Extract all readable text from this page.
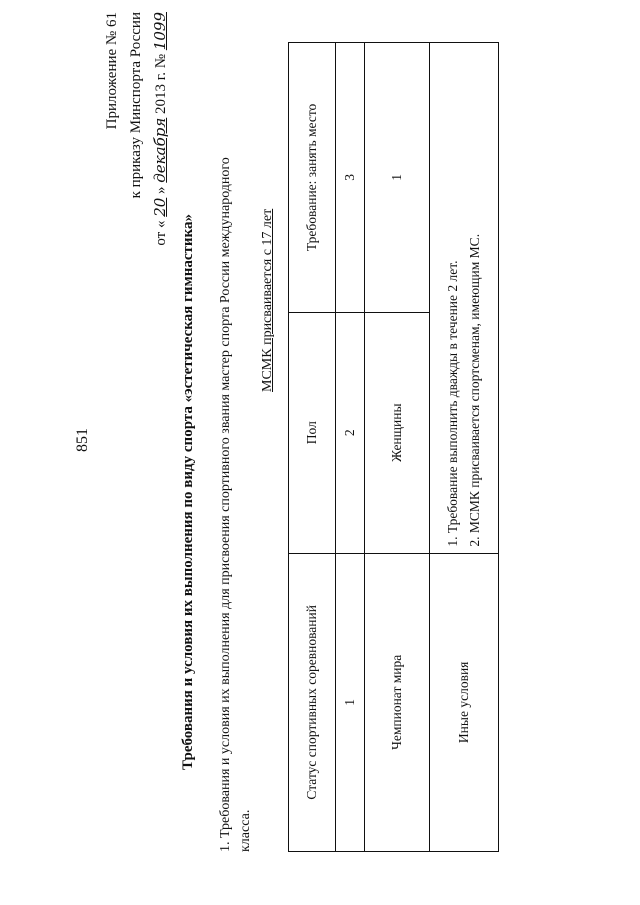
851
Приложение № 61 к приказу Минспорта России
от « 20 » декабря 2013 г. № 1099
Требования и условия их выполнения по виду спорта «эстетическая гимнастика» 1. Требования и условия их выполнения для присвоения спортивного звания мастер спорта России международного класса.
МСМК присваивается с 17 лет
Статус спортивных соревнований	Пол	Требование: занять место
1	2	3
Чемпионат мира	Женщины	1
Иные условия	1. Требование выполнить дважды в течение 2 лет. 2. МСМК присваивается спортсменам, имеющим МС.	
